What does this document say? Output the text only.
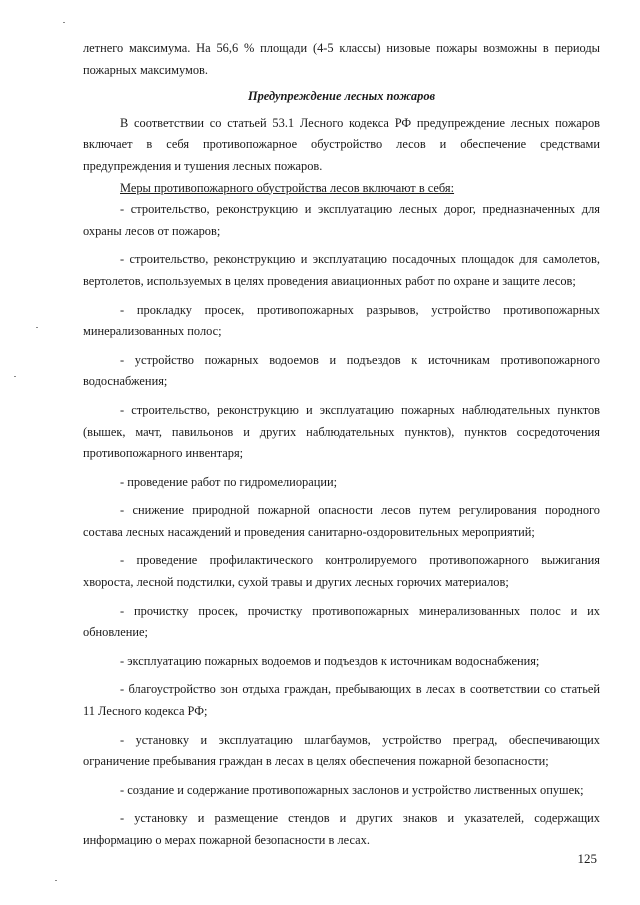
летнего максимума. На 56,6 % площади (4-5 классы) низовые пожары возможны в периоды пожарных максимумов.

Предупреждение лесных пожаров

В соответствии со статьей 53.1 Лесного кодекса РФ предупреждение лесных пожаров включает в себя противопожарное обустройство лесов и обеспечение средствами предупреждения и тушения лесных пожаров.

Меры противопожарного обустройства лесов включают в себя:

- строительство, реконструкцию и эксплуатацию лесных дорог, предназначенных для охраны лесов от пожаров;

- строительство, реконструкцию и эксплуатацию посадочных площадок для самолетов, вертолетов, используемых в целях проведения авиационных работ по охране и защите лесов;

- прокладку просек, противопожарных разрывов, устройство противопожарных минерализованных полос;

- устройство пожарных водоемов и подъездов к источникам противопожарного водоснабжения;

- строительство, реконструкцию и эксплуатацию пожарных наблюдательных пунктов (вышек, мачт, павильонов и других наблюдательных пунктов), пунктов сосредоточения противопожарного инвентаря;

- проведение работ по гидромелиорации;

- снижение природной пожарной опасности лесов путем регулирования породного состава лесных насаждений и проведения санитарно-оздоровительных мероприятий;

- проведение профилактического контролируемого противопожарного выжигания хвороста, лесной подстилки, сухой травы и других лесных горючих материалов;

- прочистку просек, прочистку противопожарных минерализованных полос и их обновление;

- эксплуатацию пожарных водоемов и подъездов к источникам водоснабжения;

- благоустройство зон отдыха граждан, пребывающих в лесах в соответствии со статьей 11 Лесного кодекса РФ;

- установку и эксплуатацию шлагбаумов, устройство преград, обеспечивающих ограничение пребывания граждан в лесах в целях обеспечения пожарной безопасности;

- создание и содержание противопожарных заслонов и устройство лиственных опушек;

- установку и размещение стендов и других знаков и указателей, содержащих информацию о мерах пожарной безопасности в лесах.

125
